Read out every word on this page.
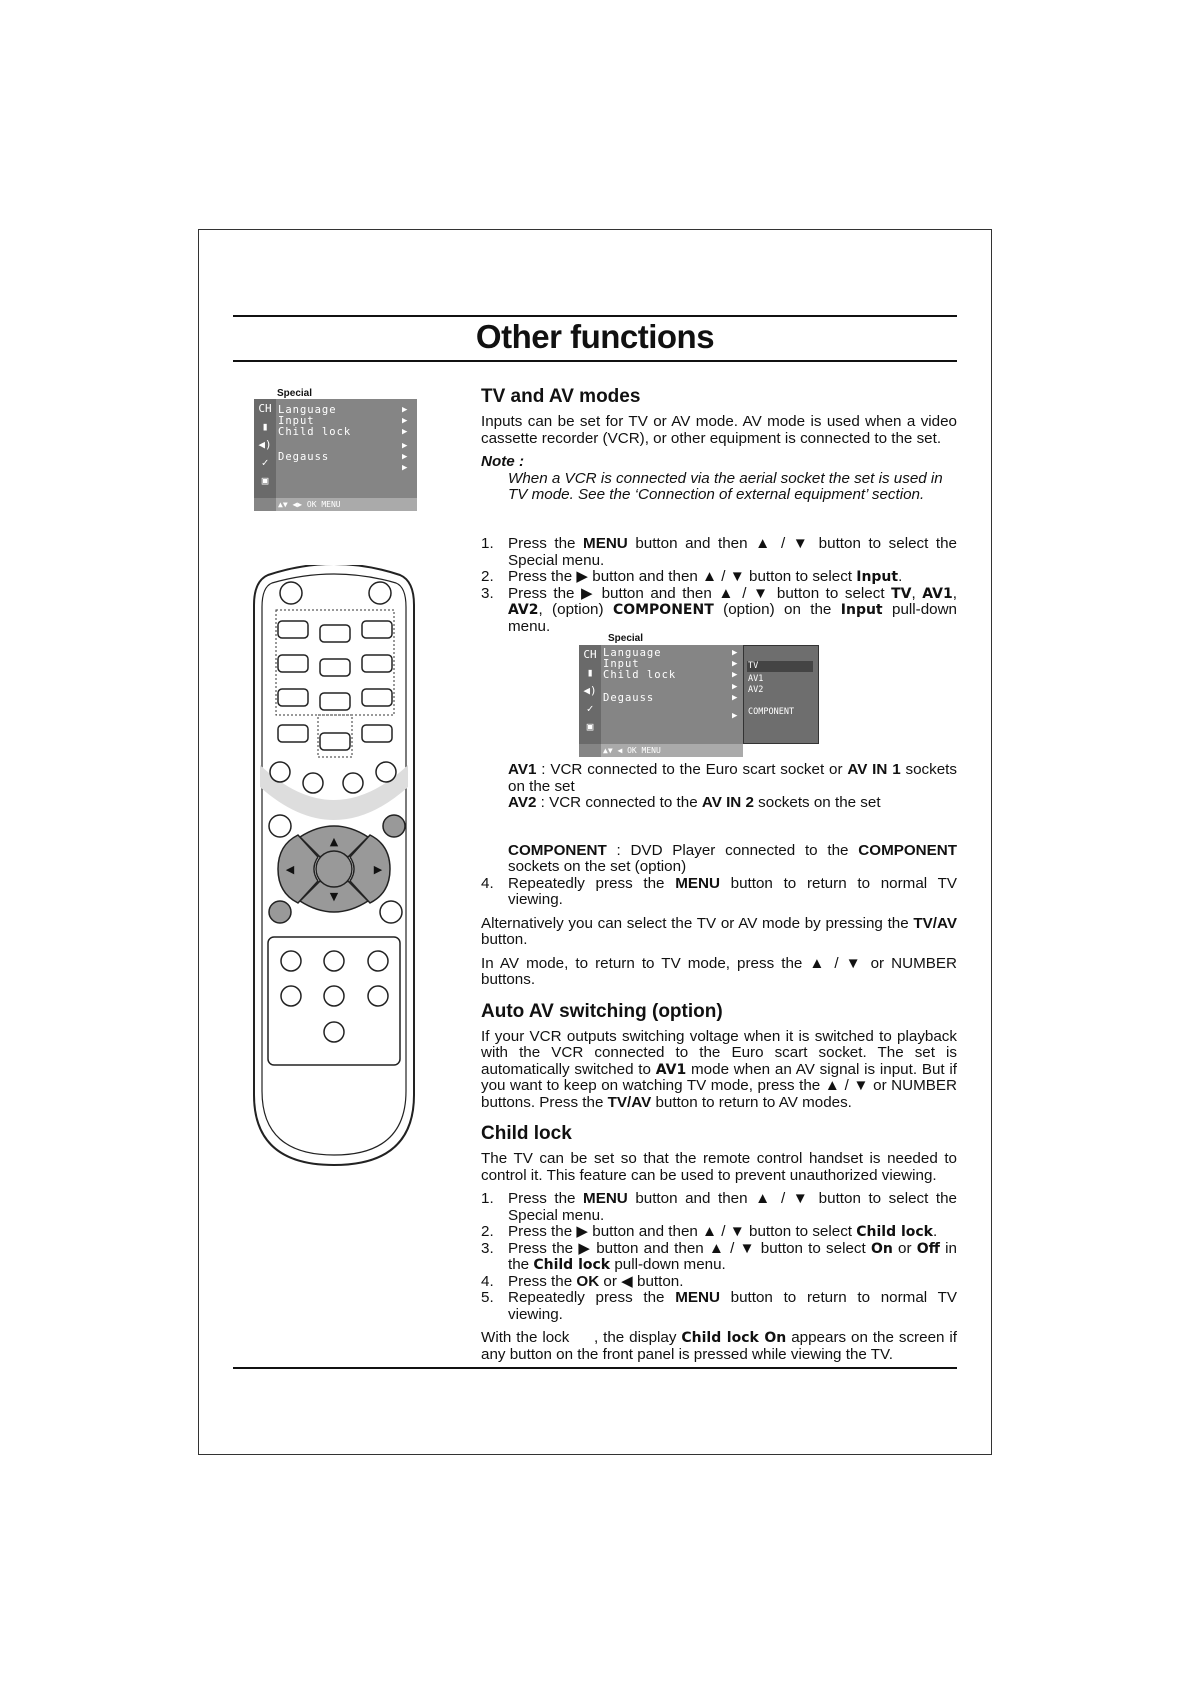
Other functions
Special
CH
▮
◀)
✓
▣
Language
Input
Child lock
Degauss
▶
▶
▶
▶
▶
▶
▲▼ ◀▶ OK MENU
▲
▼
◀	▶
TV and AV modes

Inputs can be set for TV or AV mode. AV mode is used when a video cassette recorder (VCR), or other equipment is connected to the set.

Note :

When a VCR is connected via the aerial socket the set is used in TV mode. See the ‘Connection of external equipment’ section.

1. Press the MENU button and then ▲ / ▼ button to select the Special menu.
2. Press the ▶ button and then ▲ / ▼ button to select Input.
3. Press the ▶ button and then ▲ / ▼ button to select TV, AV1, AV2, (option) COMPONENT (option) on the Input pull-down menu.
Special
CH
▮
◀)
✓
▣
Language
Input
Child lock
Degauss
▶
▶
▶
▶
▶
▶
▲▼ ◀ OK MENU
TV
AV1
AV2
COMPONENT

AV1 : VCR connected to the Euro scart socket or AV IN 1 sockets on the set

AV2 : VCR connected to the AV IN 2 sockets on the set

COMPONENT : DVD Player connected to the COMPONENT sockets on the set (option)

4. Repeatedly press the MENU button to return to normal TV viewing.

Alternatively you can select the TV or AV mode by pressing the TV/AV button.

In AV mode, to return to TV mode, press the ▲ / ▼ or NUMBER buttons.

Auto AV switching (option)

If your VCR outputs switching voltage when it is switched to playback with the VCR connected to the Euro scart socket. The set is automatically switched to AV1 mode when an AV signal is input. But if you want to keep on watching TV mode, press the ▲ / ▼ or NUMBER buttons. Press the TV/AV button to return to AV modes.

Child lock

The TV can be set so that the remote control handset is needed to control it. This feature can be used to prevent unauthorized viewing.

1. Press the MENU button and then ▲ / ▼ button to select the Special menu.
2. Press the ▶ button and then ▲ / ▼ button to select Child lock.
3. Press the ▶ button and then ▲ / ▼ button to select On or Off in the Child lock pull-down menu.
4. Press the OK or ◀ button.
5. Repeatedly press the MENU button to return to normal TV viewing.

With the lock     , the display Child lock On appears on the screen if any button on the front panel is pressed while viewing the TV.
